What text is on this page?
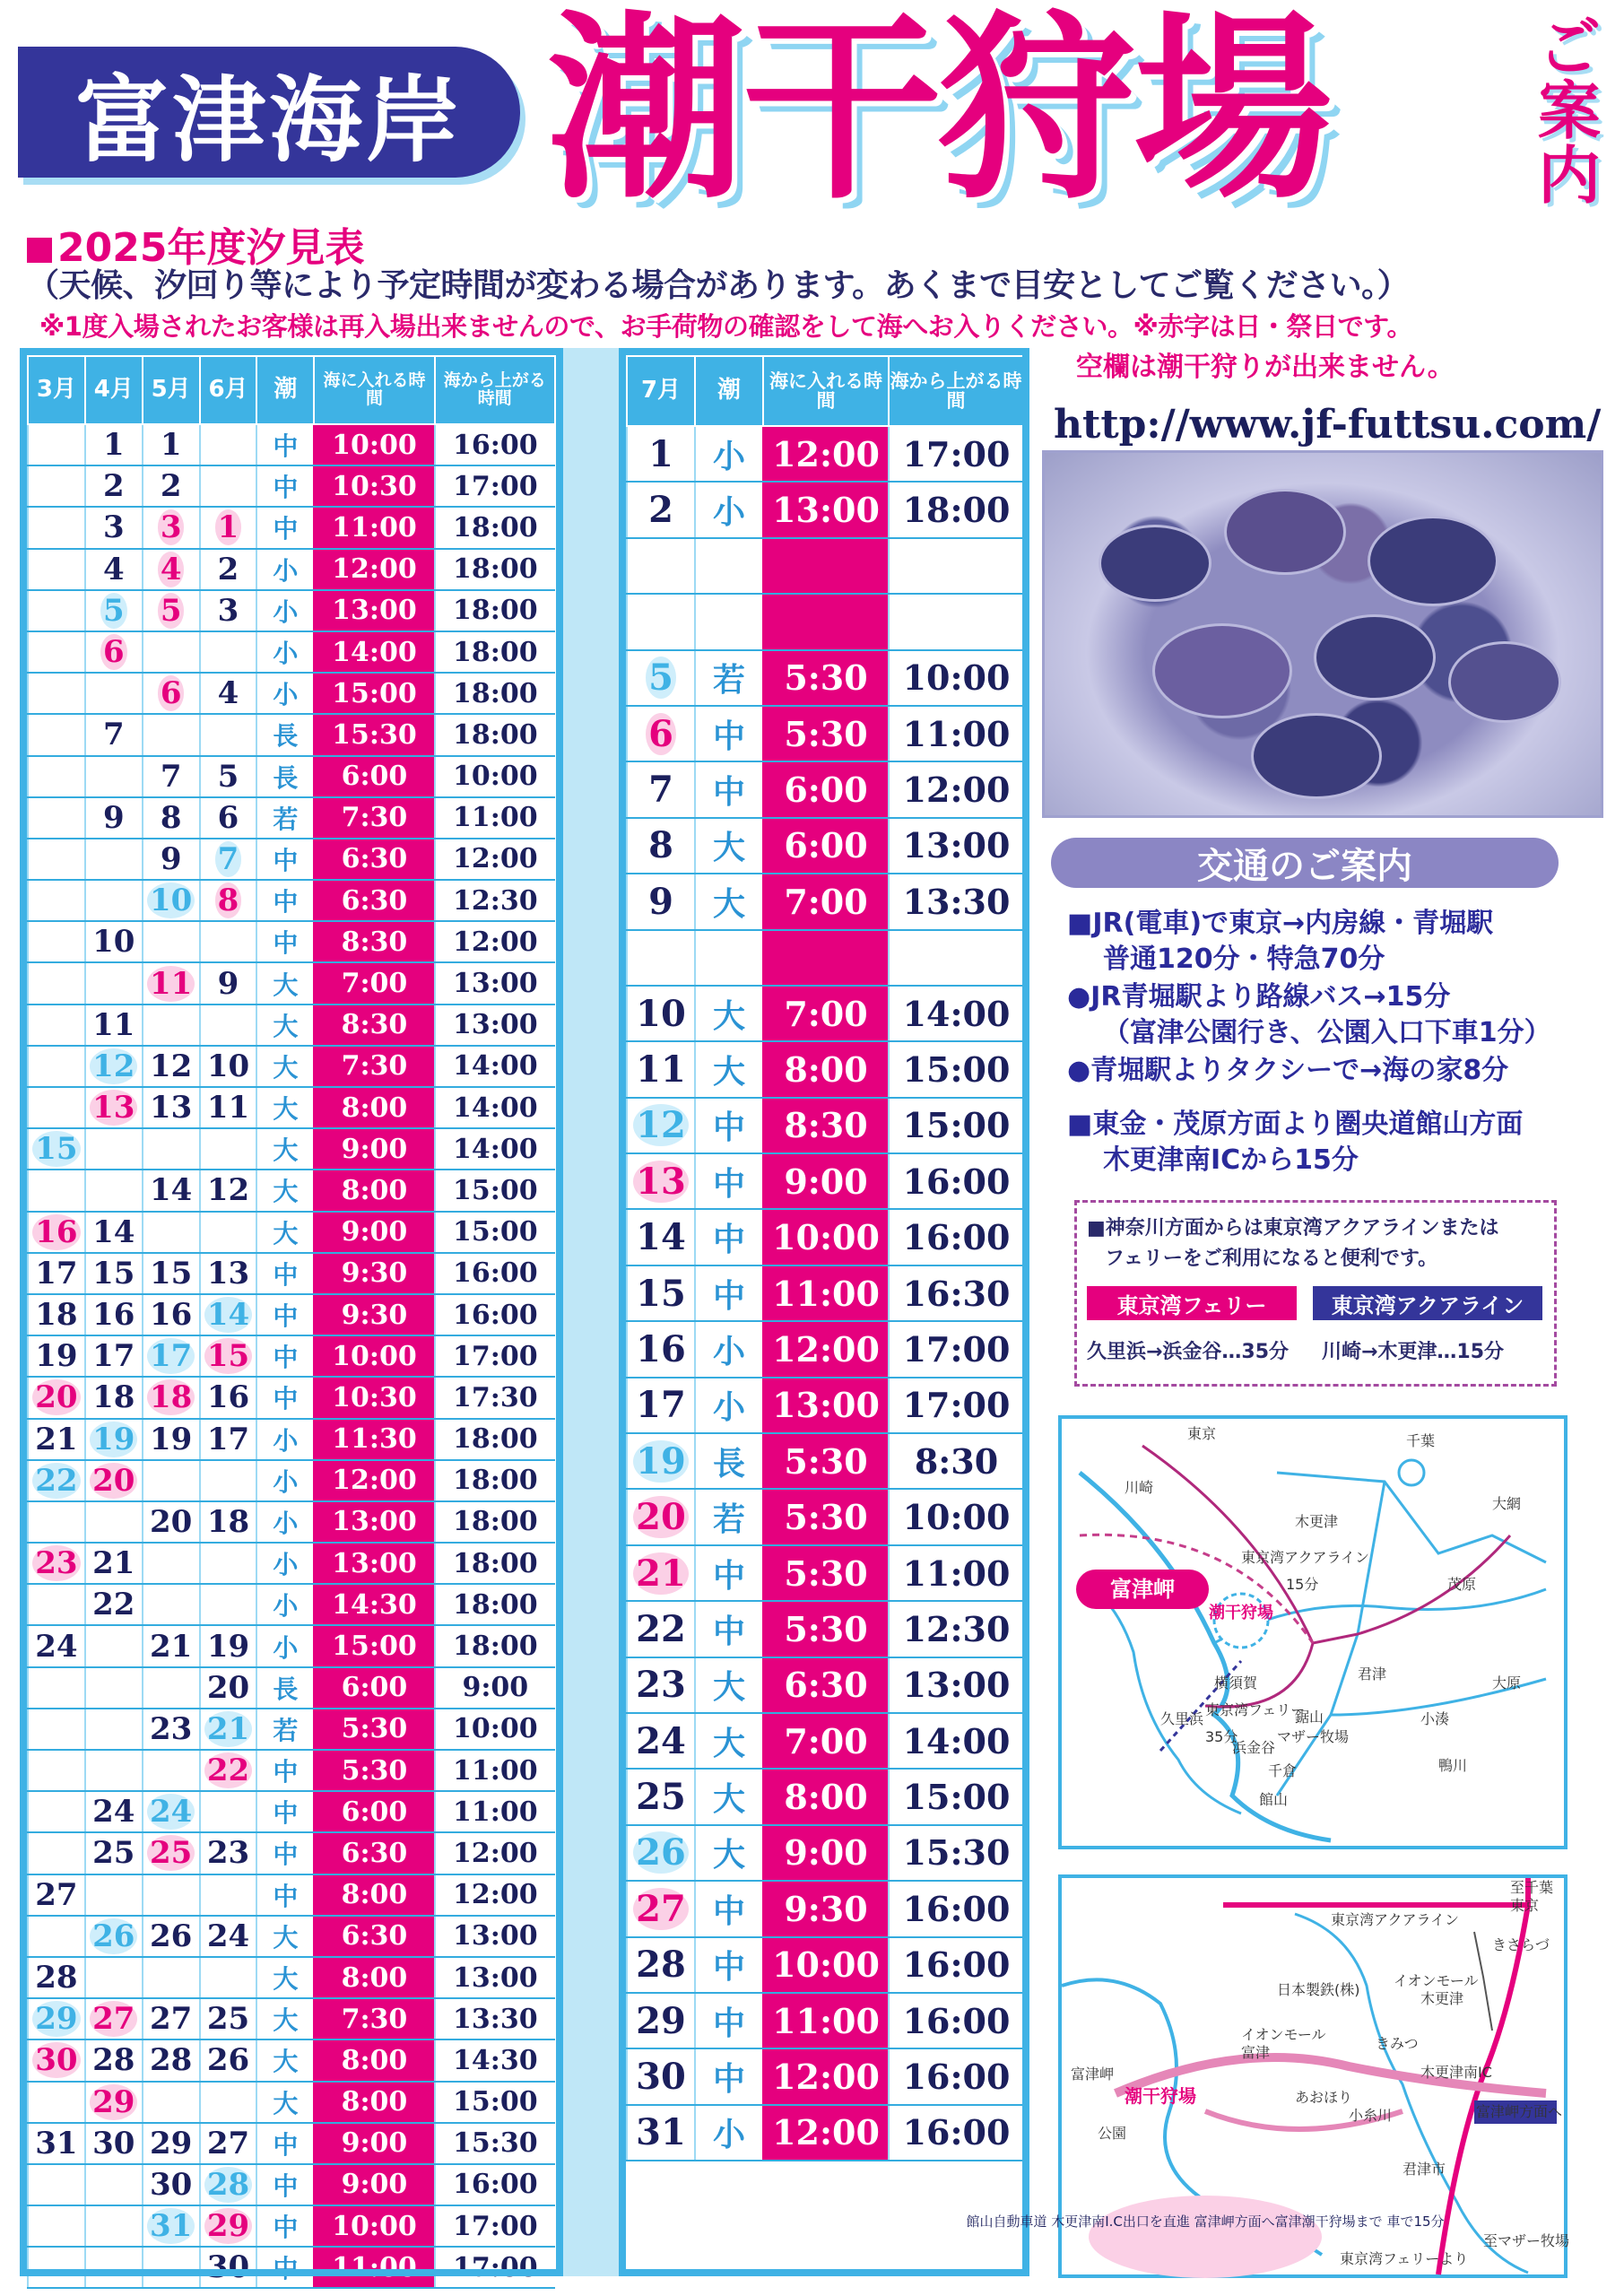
富津海岸 潮干狩場	ご
案
内
2025年度汐見表
（天候、汐回り等により予定時間が変わる場合があります。あくまで目安としてご覧ください。）
※1度入場されたお客様は再入場出来ませんので、お手荷物の確認をして海へお入りください。※赤字は日・祭日です。
空欄は潮干狩りが出来ません。
http://www.jf-futtsu.com/
3月	4月	5月	6月	潮	海に入れる時間	海から上がる時間
	1	1		中	10:00	16:00
	2	2		中	10:30	17:00
	3	3	1	中	11:00	18:00
	4	4	2	小	12:00	18:00
	5	5	3	小	13:00	18:00
	6			小	14:00	18:00
		6	4	小	15:00	18:00
	7			長	15:30	18:00
		7	5	長	6:00	10:00
	9	8	6	若	7:30	11:00
		9	7	中	6:30	12:00
		10	8	中	6:30	12:30
	10			中	8:30	12:00
		11	9	大	7:00	13:00
	11			大	8:30	13:00
	12	12	10	大	7:30	14:00
	13	13	11	大	8:00	14:00
15				大	9:00	14:00
		14	12	大	8:00	15:00
16	14			大	9:00	15:00
17	15	15	13	中	9:30	16:00
18	16	16	14	中	9:30	16:00
19	17	17	15	中	10:00	17:00
20	18	18	16	中	10:30	17:30
21	19	19	17	小	11:30	18:00
22	20			小	12:00	18:00
		20	18	小	13:00	18:00
23	21			小	13:00	18:00
	22			小	14:30	18:00
24		21	19	小	15:00	18:00
			20	長	6:00	9:00
		23	21	若	5:30	10:00
			22	中	5:30	11:00
	24	24		中	6:00	11:00
	25	25	23	中	6:30	12:00
27				中	8:00	12:00
	26	26	24	大	6:30	13:00
28				大	8:00	13:00
29	27	27	25	大	7:30	13:30
30	28	28	26	大	8:00	14:30
	29			大	8:00	15:00
31	30	29	27	中	9:00	15:30
		30	28	中	9:00	16:00
		31	29	中	10:00	17:00
			30	中	11:00	17:00
7月	潮	海に入れる時間	海から上がる時間
1	小	12:00	17:00
2	小	13:00	18:00

5	若	5:30	10:00
6	中	5:30	11:00
7	中	6:00	12:00
8	大	6:00	13:00
9	大	7:00	13:30

10	大	7:00	14:00
11	大	8:00	15:00
12	中	8:30	15:00
13	中	9:00	16:00
14	中	10:00	16:00
15	中	11:00	16:30
16	小	12:00	17:00
17	小	13:00	17:00
19	長	5:30	8:30
20	若	5:30	10:00
21	中	5:30	11:00
22	中	5:30	12:30
23	大	6:30	13:00
24	大	7:00	14:00
25	大	8:00	15:00
26	大	9:00	15:30
27	中	9:30	16:00
28	中	10:00	16:00
29	中	11:00	16:00
30	中	12:00	16:00
31	小	12:00	16:00
交通のご案内
■JR(電車)で東京→内房線・青堀駅
普通120分・特急70分
●JR青堀駅より路線バス→15分
（富津公園行き、公園入口下車1分）
●青堀駅よりタクシーで→海の家8分
■東金・茂原方面より圏央道館山方面
木更津南ICから15分
■神奈川方面からは東京湾アクアラインまたは
フェリーをご利用になると便利です。
東京湾フェリー	東京湾アクアライン
久里浜→浜金谷…35分 川崎→木更津…15分
東京	千葉
川崎
木更津
茂原
大網
横須賀
久里浜
浜金谷
鋸山
マザー牧場
君津
大原
小湊
鴨川
館山
千倉
15分
35分
東京湾アクアライン
東京湾フェリー
富津岬
潮干狩場
至千葉
東京
東京湾アクアライン
きさらづ
日本製鉄(株)
イオンモール
木更津
富津岬
イオンモール
富津
きみつ
木更津南IC
富津岬方面へ
公園
君津市
至マザー牧場
東京湾フェリーより
あおほり
小糸川
潮干狩場
館山自動車道 木更津南I.C出口を直進 富津岬方面へ富津潮干狩場まで 車で15分
